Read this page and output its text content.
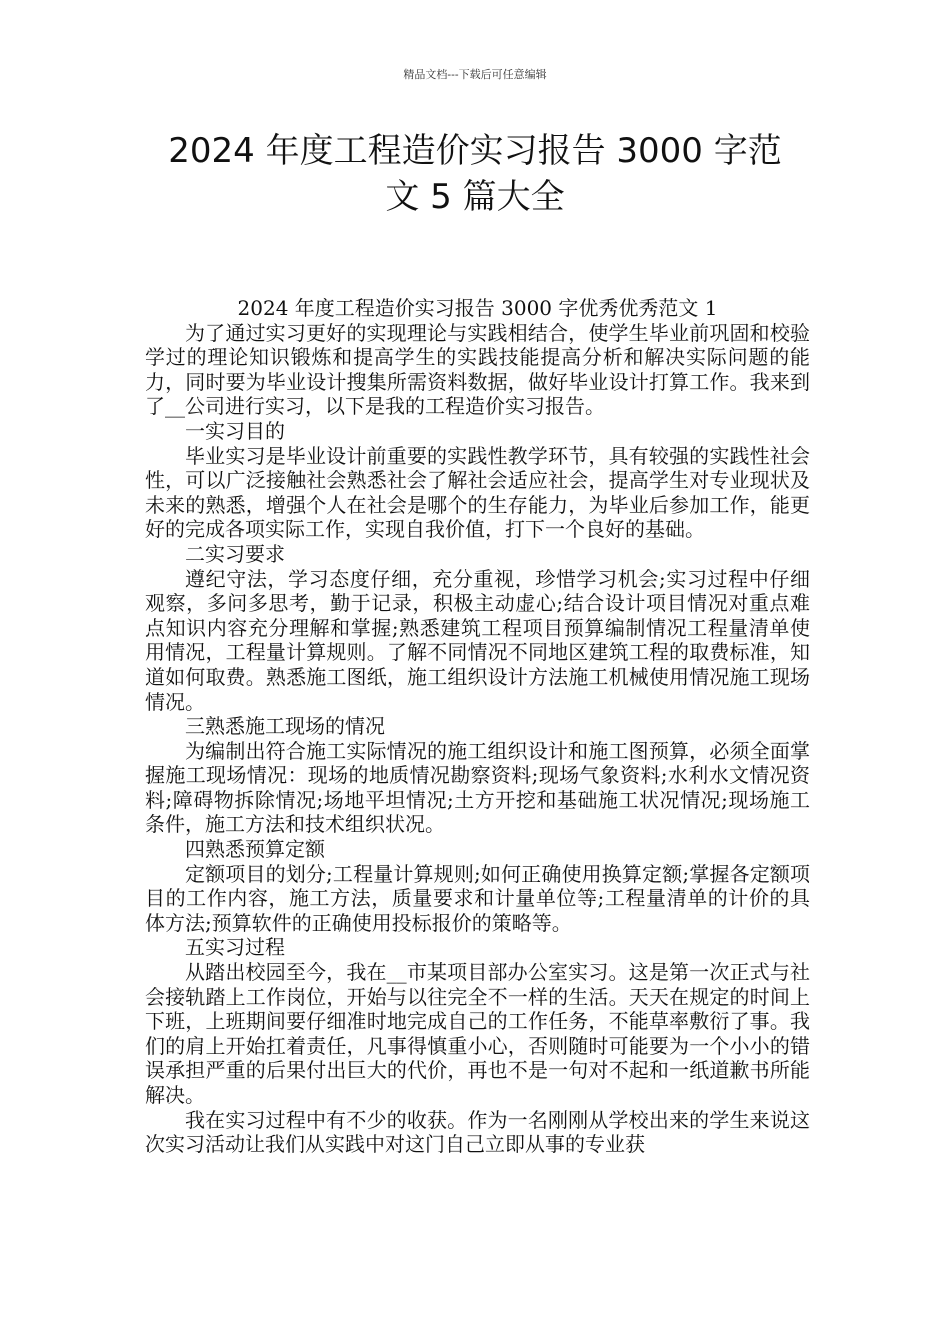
精品文档---下载后可任意编辑
2024 年度工程造价实习报告 3000 字范
文 5 篇大全

2024 年度工程造价实习报告 3000 字优秀优秀范文 1

为了通过实习更好的实现理论与实践相结合，使学生毕业前巩固和校验学过的理论知识锻炼和提高学生的实践技能提高分析和解决实际问题的能力，同时要为毕业设计搜集所需资料数据，做好毕业设计打算工作。我来到了__公司进行实习，以下是我的工程造价实习报告。

一实习目的

毕业实习是毕业设计前重要的实践性教学环节，具有较强的实践性社会性，可以广泛接触社会熟悉社会了解社会适应社会，提高学生对专业现状及未来的熟悉，增强个人在社会是哪个的生存能力，为毕业后参加工作，能更好的完成各项实际工作，实现自我价值，打下一个良好的基础。

二实习要求

遵纪守法，学习态度仔细，充分重视，珍惜学习机会;实习过程中仔细观察，多问多思考，勤于记录，积极主动虚心;结合设计项目情况对重点难点知识内容充分理解和掌握;熟悉建筑工程项目预算编制情况工程量清单使用情况，工程量计算规则。了解不同情况不同地区建筑工程的取费标准，知道如何取费。熟悉施工图纸，施工组织设计方法施工机械使用情况施工现场情况。

三熟悉施工现场的情况

为编制出符合施工实际情况的施工组织设计和施工图预算，必须全面掌握施工现场情况：现场的地质情况勘察资料;现场气象资料;水利水文情况资料;障碍物拆除情况;场地平坦情况;土方开挖和基础施工状况情况;现场施工条件，施工方法和技术组织状况。

四熟悉预算定额

定额项目的划分;工程量计算规则;如何正确使用换算定额;掌握各定额项目的工作内容，施工方法，质量要求和计量单位等;工程量清单的计价的具体方法;预算软件的正确使用投标报价的策略等。

五实习过程

从踏出校园至今，我在__市某项目部办公室实习。这是第一次正式与社会接轨踏上工作岗位，开始与以往完全不一样的生活。天天在规定的时间上下班，上班期间要仔细准时地完成自己的工作任务，不能草率敷衍了事。我们的肩上开始扛着责任，凡事得慎重小心，否则随时可能要为一个小小的错误承担严重的后果付出巨大的代价，再也不是一句对不起和一纸道歉书所能解决。

我在实习过程中有不少的收获。作为一名刚刚从学校出来的学生来说这次实习活动让我们从实践中对这门自己立即从事的专业获
